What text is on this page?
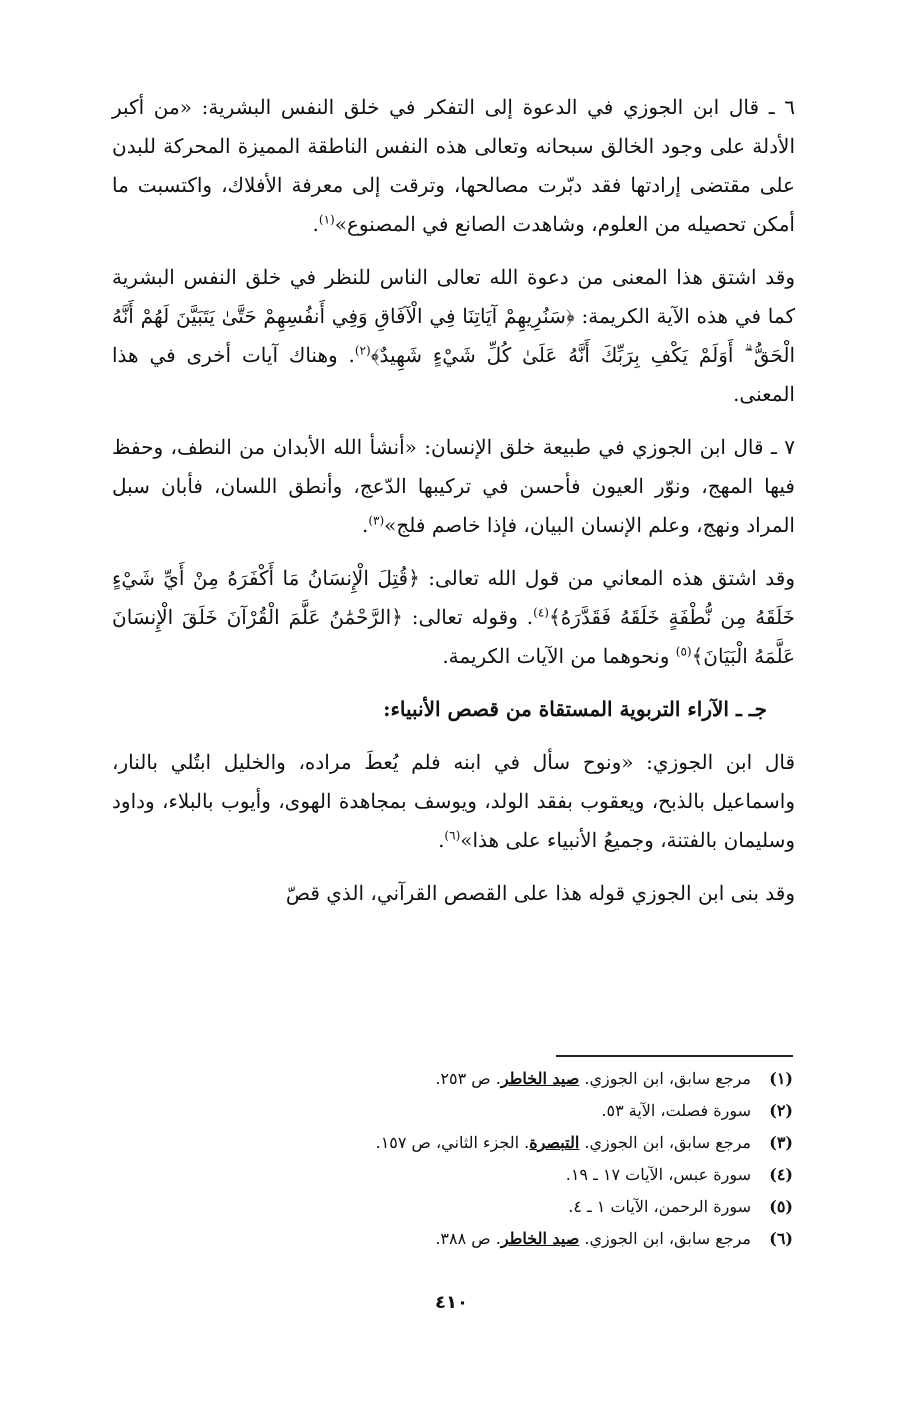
٦ ـ قال ابن الجوزي في الدعوة إلى التفكر في خلق النفس البشرية: «من أكبر الأدلة على وجود الخالق سبحانه وتعالى هذه النفس الناطقة المميزة المحركة للبدن على مقتضى إرادتها فقد دبّرت مصالحها، وترقت إلى معرفة الأفلاك، واكتسبت ما أمكن تحصيله من العلوم، وشاهدت الصانع في المصنوع»$^{(١)}$.

وقد اشتق هذا المعنى من دعوة الله تعالى الناس للنظر في خلق النفس البشرية كما في هذه الآية الكريمة: ﴿سَنُرِيهِمْ آيَاتِنَا فِي الْآفَاقِ وَفِي أَنفُسِهِمْ حَتَّىٰ يَتَبَيَّنَ لَهُمْ أَنَّهُ الْحَقُّ ۗ أَوَلَمْ يَكْفِ بِرَبِّكَ أَنَّهُ عَلَىٰ كُلِّ شَيْءٍ شَهِيدٌ﴾$^{(٢)}$. وهناك آيات أخرى في هذا المعنى.

٧ ـ قال ابن الجوزي في طبيعة خلق الإنسان: «أنشأ الله الأبدان من النطف، وحفظ فيها المهج، ونوّر العيون فأحسن في تركيبها الدّعج، وأنطق اللسان، فأبان سبل المراد ونهج، وعلم الإنسان البيان، فإذا خاصم فلج»$^{(٣)}$.

وقد اشتق هذه المعاني من قول الله تعالى: ﴿قُتِلَ الْإِنسَانُ مَا أَكْفَرَهُ مِنْ أَيِّ شَيْءٍ خَلَقَهُ مِن نُّطْفَةٍ خَلَقَهُ فَقَدَّرَهُ﴾$^{(٤)}$. وقوله تعالى: ﴿الرَّحْمَٰنُ عَلَّمَ الْقُرْآنَ خَلَقَ الْإِنسَانَ عَلَّمَهُ الْبَيَانَ﴾$^{(٥)}$ ونحوهما من الآيات الكريمة.

جـ ـ الآراء التربوية المستقاة من قصص الأنبياء:

قال ابن الجوزي: «ونوح سأل في ابنه فلم يُعطَ مراده، والخليل ابتُلي بالنار، واسماعيل بالذبح، ويعقوب بفقد الولد، ويوسف بمجاهدة الهوى، وأيوب بالبلاء، وداود وسليمان بالفتنة، وجميعُ الأنبياء على هذا»$^{(٦)}$.

وقد بنى ابن الجوزي قوله هذا على القصص القرآني، الذي قصّ

(١)مرجع سابق، ابن الجوزي. صيد الخاطر. ص ٢٥٣.
(٢)سورة فصلت، الآية ٥٣.
(٣)مرجع سابق، ابن الجوزي. التبصرة. الجزء الثاني، ص ١٥٧.
(٤)سورة عبس، الآيات ١٧ ـ ١٩.
(٥)سورة الرحمن، الآيات ١ ـ ٤.
(٦)مرجع سابق، ابن الجوزي. صيد الخاطر. ص ٣٨٨.
٤١٠
